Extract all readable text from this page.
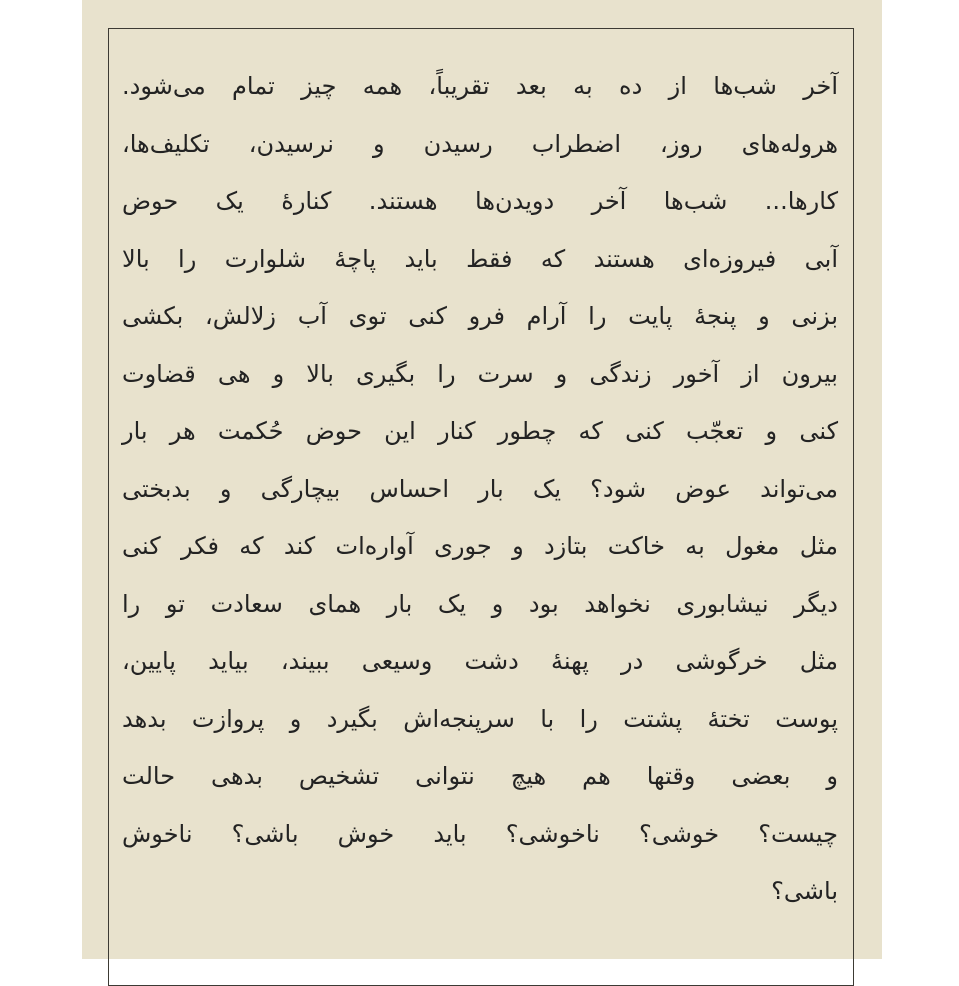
آخر شب‌ها از ده به بعد تقریباً، همه چیز تمام می‌شود.
هروله‌های روز، اضطراب رسیدن و نرسیدن، تکلیف‌ها،
کارها... شب‌ها آخر دویدن‌ها هستند. کنارهٔ یک حوض
آبی فیروزه‌ای هستند که فقط باید پاچهٔ شلوارت را بالا
بزنی و پنجهٔ پایت را آرام فرو کنی توی آب زلالش، بکشی
بیرون از آخور زندگی و سرت را بگیری بالا و هی قضاوت
کنی و تعجّب کنی که چطور کنار این حوض حُکمت هر بار
می‌تواند عوض شود؟ یک بار احساس بیچارگی و بدبختی
مثل مغول به خاکت بتازد و جوری آواره‌ات کند که فکر کنی
دیگر نیشابوری نخواهد بود و یک بار همای سعادت تو را
مثل خرگوشی در پهنهٔ دشت وسیعی ببیند، بیاید پایین،
پوست تختهٔ پشتت را با سرپنجه‌اش بگیرد و پروازت بدهد
و بعضی وقتها هم هیچ نتوانی تشخیص بدهی حالت
چیست؟ خوشی؟ ناخوشی؟ باید خوش باشی؟ ناخوش
باشی؟
